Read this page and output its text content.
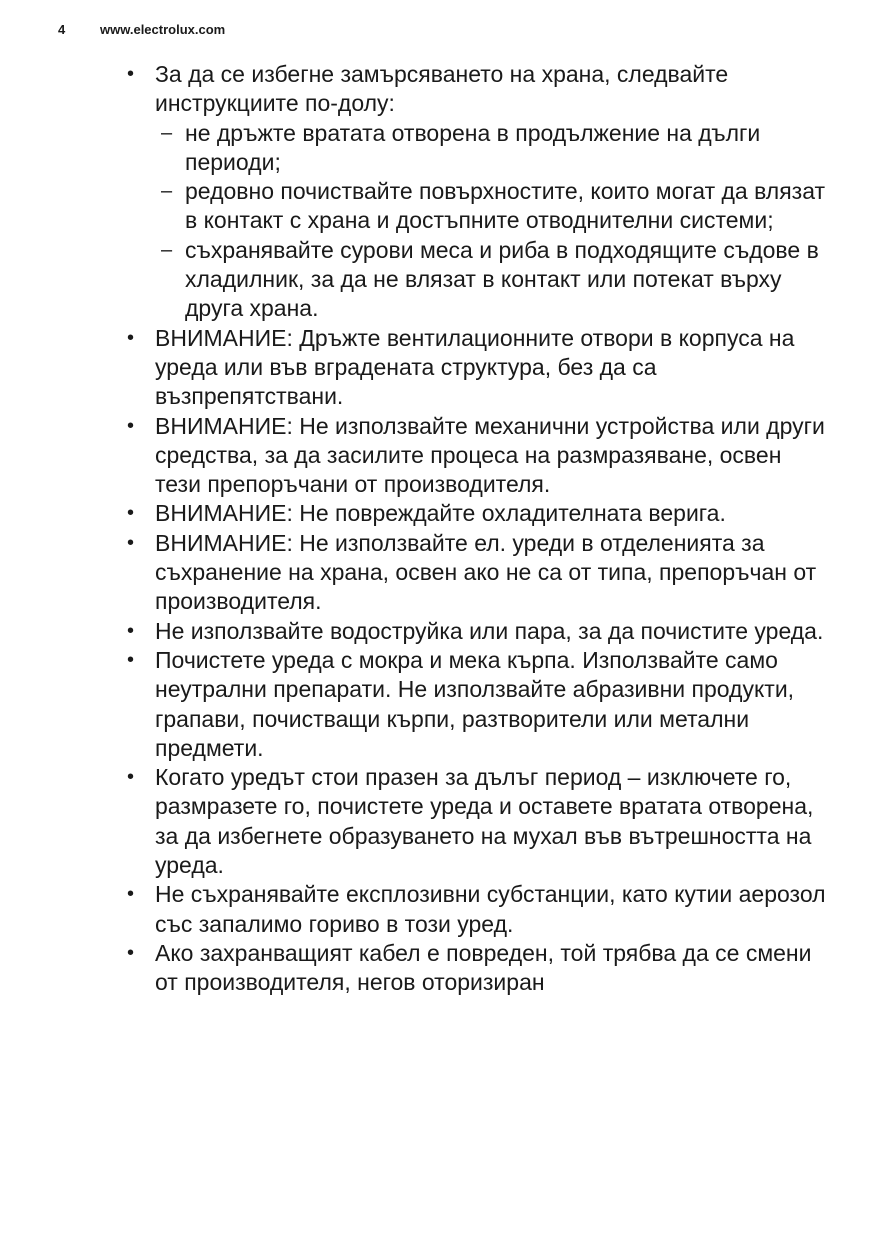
4	www.electrolux.com
• За да се избегне замърсяването на храна, следвайте инструкциите по-долу:
– не дръжте вратата отворена в продължение на дълги периоди;
– редовно почиствайте повърхностите, които могат да влязат в контакт с храна и достъпните отводнителни системи;
– съхранявайте сурови меса и риба в подходящите съдове в хладилник, за да не влязат в контакт или потекат върху друга храна.
• ВНИМАНИЕ: Дръжте вентилационните отвори в корпуса на уреда или във вградената структура, без да са възпрепятствани.
• ВНИМАНИЕ: Не използвайте механични устройства или други средства, за да засилите процеса на размразяване, освен тези препоръчани от производителя.
• ВНИМАНИЕ: Не повреждайте охладителната верига.
• ВНИМАНИЕ: Не използвайте ел. уреди в отделенията за съхранение на храна, освен ако не са от типа, препоръчан от производителя.
• Не използвайте водоструйка или пара, за да почистите уреда.
• Почистете уреда с мокра и мека кърпа. Използвайте само неутрални препарати. Не използвайте абразивни продукти, грапави, почистващи кърпи, разтворители или метални предмети.
• Когато уредът стои празен за дълъг период – изключете го, размразете го, почистете уреда и оставете вратата отворена, за да избегнете образуването на мухал във вътрешността на уреда.
• Не съхранявайте експлозивни субстанции, като кутии аерозол със запалимо гориво в този уред.
• Ако захранващият кабел е повреден, той трябва да се смени от производителя, негов оторизиран
